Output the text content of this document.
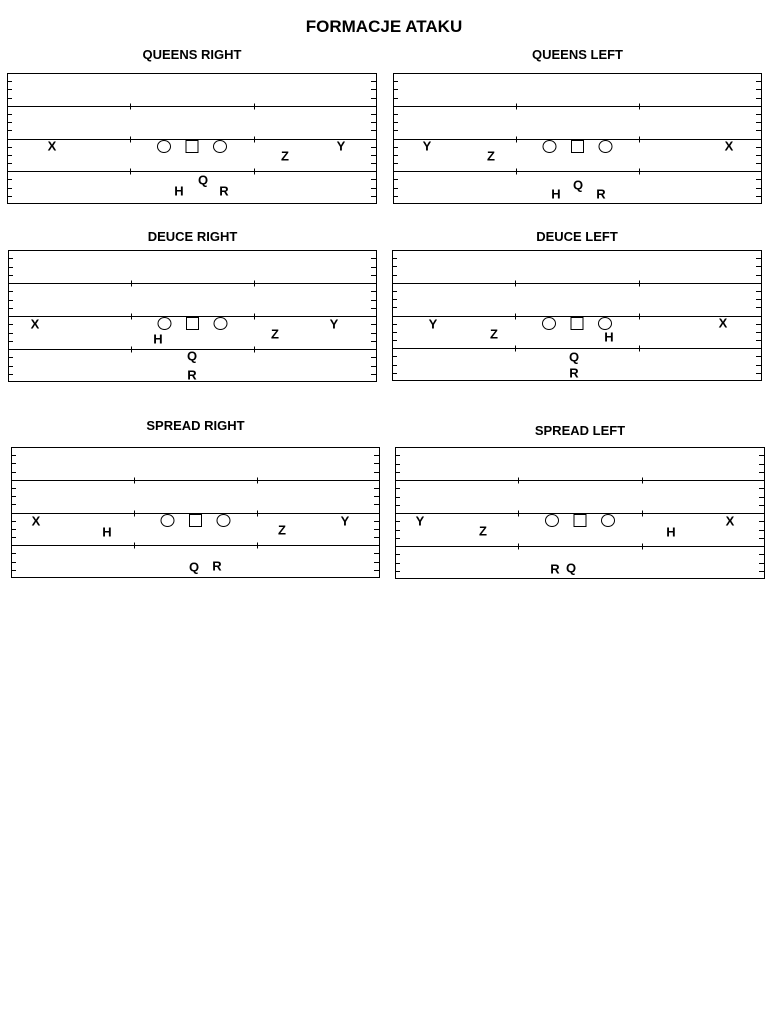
FORMACJE ATAKU
QUEENS RIGHT
X
Z
Y
Q
H	R
QUEENS LEFT
Y
Z
X
Q
H	R
DEUCE RIGHT
X
H	Z
Y
Q
R
DEUCE LEFT
Y
Z	H
X
Q
R
SPREAD RIGHT
X
H	Z
Y
Q R
SPREAD LEFT
Y
Z	H
X
R Q
